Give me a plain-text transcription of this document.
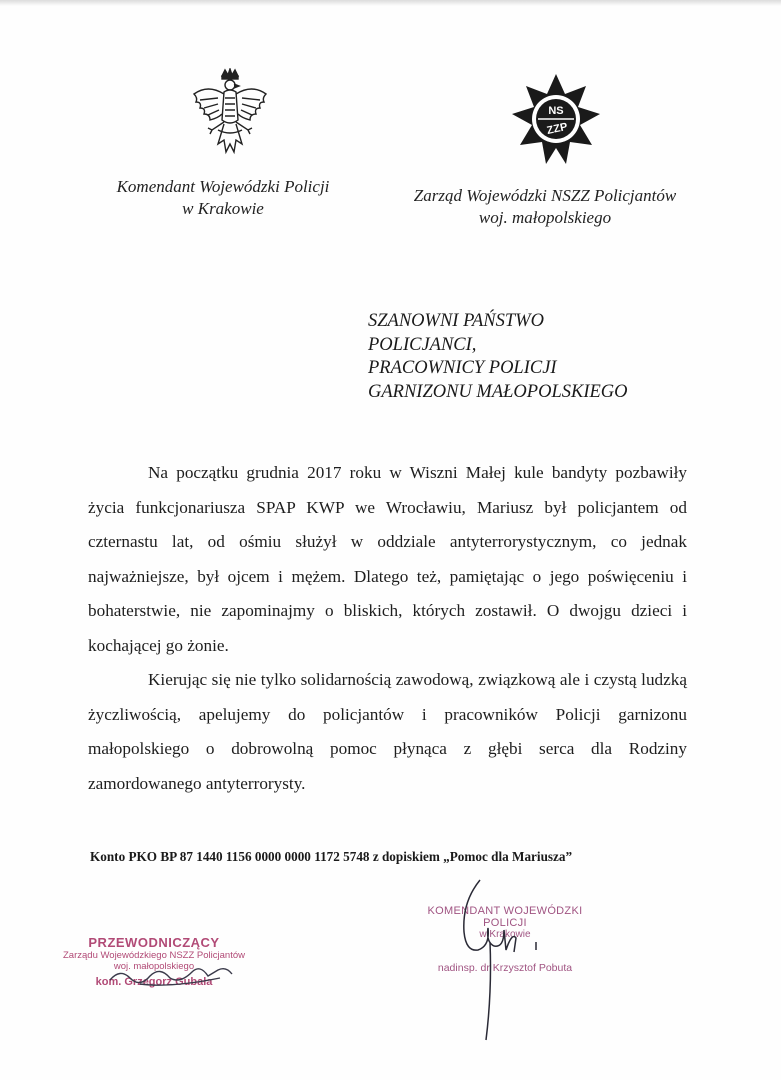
NS
ZZP
Komendant Wojewódzki Policji
w Krakowie
Zarząd Wojewódzki NSZZ Policjantów
woj. małopolskiego
SZANOWNI PAŃSTWO
POLICJANCI,
PRACOWNICY POLICJI
GARNIZONU MAŁOPOLSKIEGO

Na początku grudnia 2017 roku w Wiszni Małej kule bandyty pozbawiły życia funkcjonariusza SPAP KWP we Wrocławiu, Mariusz był policjantem od czternastu lat, od ośmiu służył w oddziale antyterrorystycznym, co jednak najważniejsze, był ojcem i mężem. Dlatego też, pamiętając o jego poświęceniu i bohaterstwie, nie zapominajmy o bliskich, których zostawił. O dwojgu dzieci i kochającej go żonie.

Kierując się nie tylko solidarnością zawodową, związkową ale i czystą ludzką życzliwością, apelujemy do policjantów i pracowników Policji garnizonu małopolskiego o dobrowolną pomoc płynąca z głębi serca dla Rodziny zamordowanego antyterrorysty.

Konto PKO BP 87 1440 1156 0000 0000 1172 5748 z dopiskiem „Pomoc dla Mariusza”
PRZEWODNICZĄCY
Zarządu Wojewódzkiego NSZZ Policjantów
woj. małopolskiego
kom. Grzegorz Gubała
KOMENDANT WOJEWÓDZKI POLICJI
w Krakowie
nadinsp. dr Krzysztof Pobuta
